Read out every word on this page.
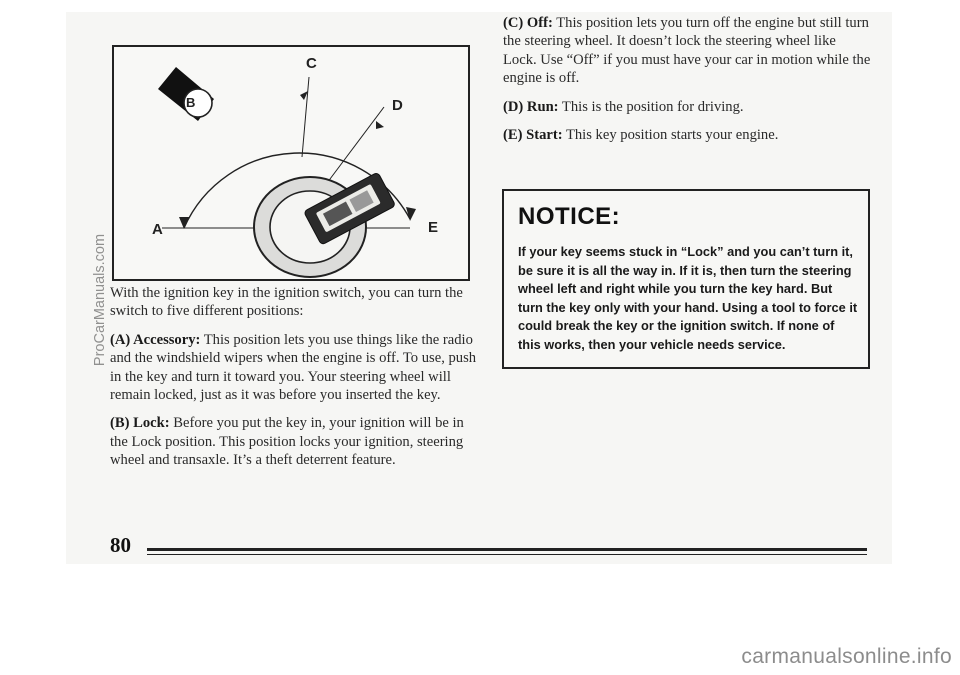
A
B
C
D
E

With the ignition key in the ignition switch, you can turn the switch to five different positions:

(A) Accessory: This position lets you use things like the radio and the windshield wipers when the engine is off. To use, push in the key and turn it toward you. Your steering wheel will remain locked, just as it was before you inserted the key.

(B) Lock: Before you put the key in, your ignition will be in the Lock position. This position locks your ignition, steering wheel and transaxle. It’s a theft deterrent feature.

(C) Off: This position lets you turn off the engine but still turn the steering wheel. It doesn’t lock the steering wheel like Lock. Use “Off” if you must have your car in motion while the engine is off.

(D) Run: This is the position for driving.

(E) Start: This key position starts your engine.

NOTICE:

If your key seems stuck in “Lock” and you can’t turn it, be sure it is all the way in. If it is, then turn the steering wheel left and right while you turn the key hard. But turn the key only with your hand. Using a tool to force it could break the key or the ignition switch. If none of this works, then your vehicle needs service.

80
ProCarManuals.com
carmanualsonline.info
